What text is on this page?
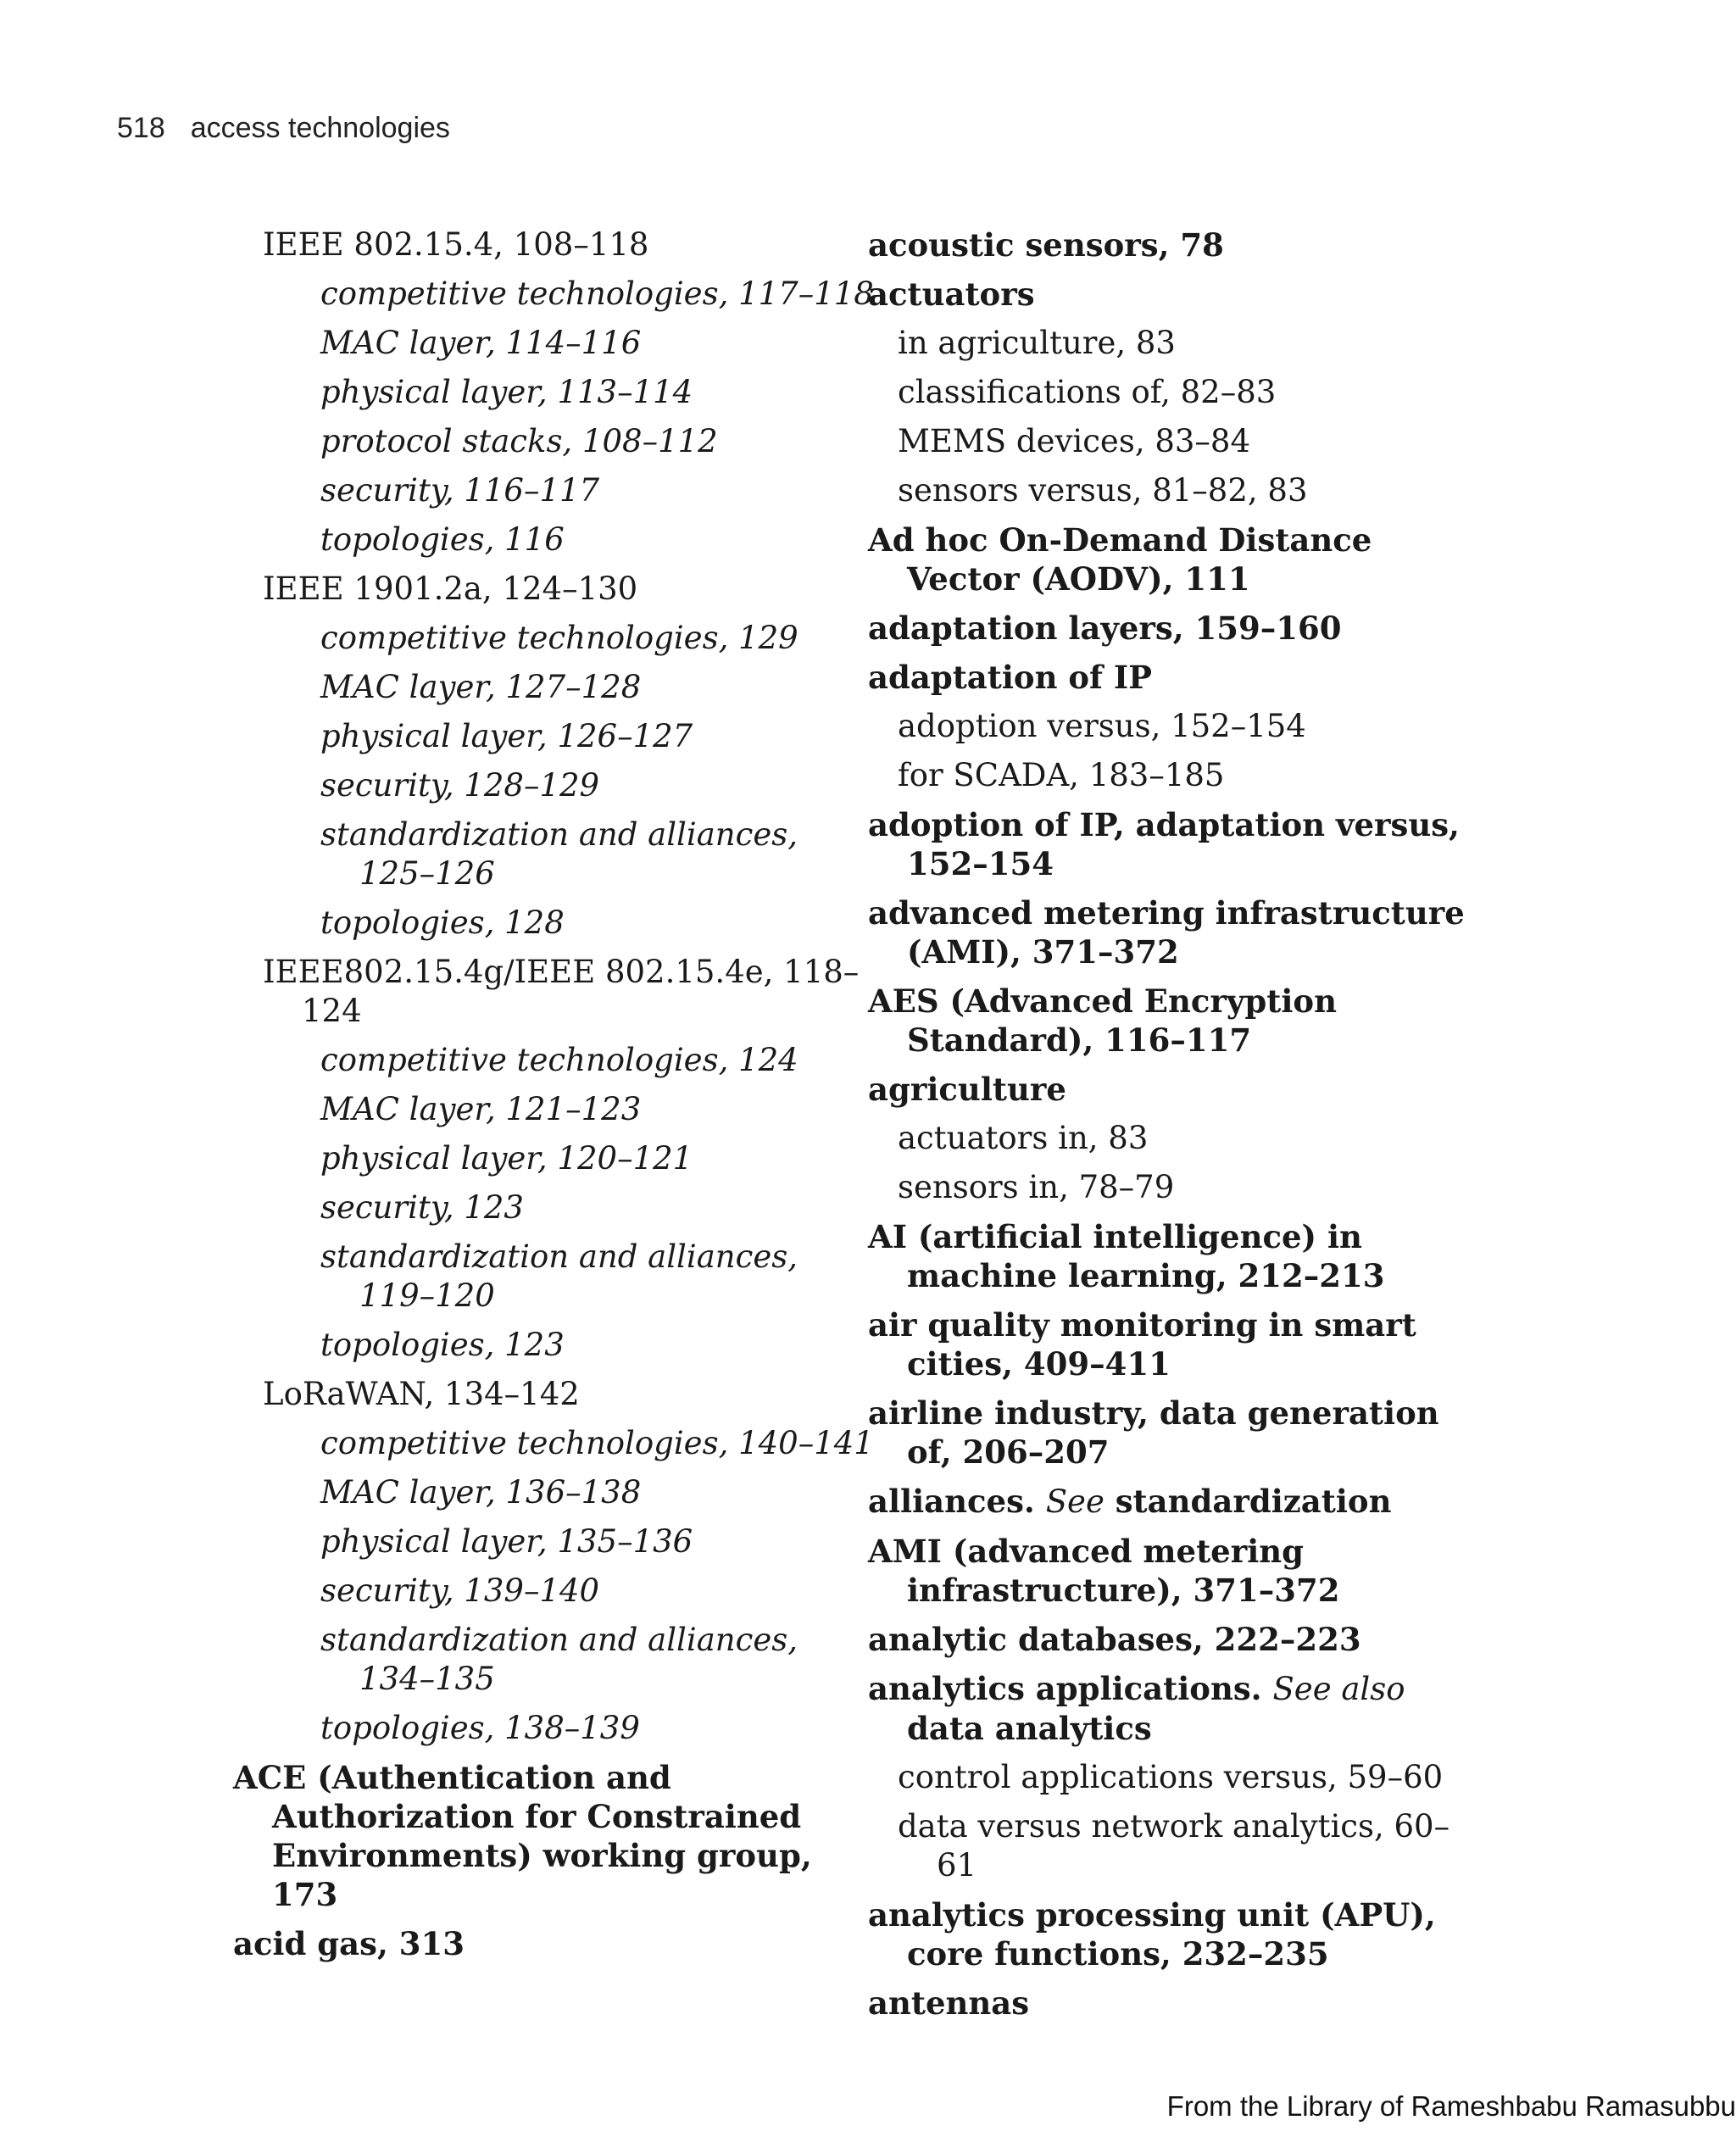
518 access technologies
IEEE 802.15.4, 108–118
competitive technologies, 117–118
MAC layer, 114–116
physical layer, 113–114
protocol stacks, 108–112
security, 116–117
topologies, 116
IEEE 1901.2a, 124–130
competitive technologies, 129
MAC layer, 127–128
physical layer, 126–127
security, 128–129
standardization and alliances, 125–126
topologies, 128
IEEE802.15.4g/IEEE 802.15.4e, 118–124
competitive technologies, 124
MAC layer, 121–123
physical layer, 120–121
security, 123
standardization and alliances, 119–120
topologies, 123
LoRaWAN, 134–142
competitive technologies, 140–141
MAC layer, 136–138
physical layer, 135–136
security, 139–140
standardization and alliances, 134–135
topologies, 138–139
ACE (Authentication and Authorization for Constrained Environments) working group, 173
acid gas, 313
acoustic sensors, 78
actuators
in agriculture, 83
classifications of, 82–83
MEMS devices, 83–84
sensors versus, 81–82, 83
Ad hoc On-Demand Distance Vector (AODV), 111
adaptation layers, 159–160
adaptation of IP
adoption versus, 152–154
for SCADA, 183–185
adoption of IP, adaptation versus, 152–154
advanced metering infrastructure (AMI), 371–372
AES (Advanced Encryption Standard), 116–117
agriculture
actuators in, 83
sensors in, 78–79
AI (artificial intelligence) in machine learning, 212–213
air quality monitoring in smart cities, 409–411
airline industry, data generation of, 206–207
alliances. See standardization
AMI (advanced metering infrastructure), 371–372
analytic databases, 222–223
analytics applications. See also data analytics
control applications versus, 59–60
data versus network analytics, 60–61
analytics processing unit (APU), core functions, 232–235
antennas
From the Library of Rameshbabu Ramasubbu
